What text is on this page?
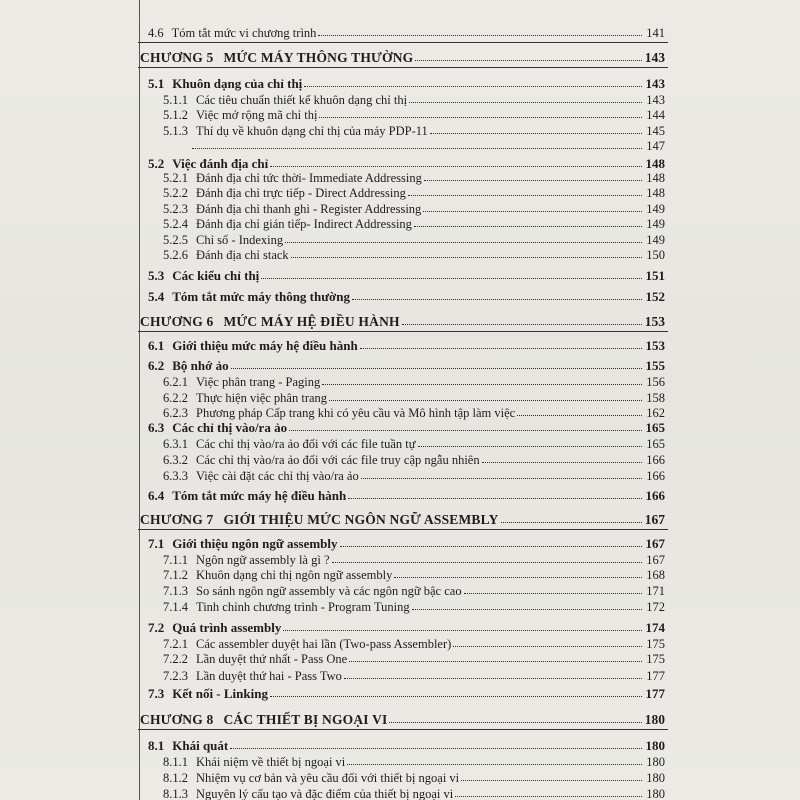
4.6 Tóm tắt mức vi chương trình	141
CHƯƠNG 5 MỨC MÁY THÔNG THƯỜNG	143
5.1 Khuôn dạng của chỉ thị	143
5.1.1 Các tiêu chuẩn thiết kế khuôn dạng chỉ thị	143
5.1.2 Việc mở rộng mã chỉ thị	144
5.1.3 Thí dụ về khuôn dạng chỉ thị của máy PDP-11	145
147
5.2 Việc đánh địa chỉ	148
5.2.1 Đánh địa chỉ tức thời- Immediate Addressing	148
5.2.2 Đánh địa chỉ trực tiếp - Direct Addressing	148
5.2.3 Đánh địa chỉ thanh ghi - Register Addressing	149
5.2.4 Đánh địa chỉ gián tiếp- Indirect Addressing	149
5.2.5 Chỉ số - Indexing	149
5.2.6 Đánh địa chỉ stack	150
5.3 Các kiểu chỉ thị	151
5.4 Tóm tắt mức máy thông thường	152
CHƯƠNG 6 MỨC MÁY HỆ ĐIỀU HÀNH	153
6.1 Giới thiệu mức máy hệ điều hành	153
6.2 Bộ nhớ ảo	155
6.2.1 Việc phân trang - Paging	156
6.2.2 Thực hiện việc phân trang	158
6.2.3 Phương pháp Cấp trang khi có yêu cầu và Mô hình tập làm việc	162
6.3 Các chỉ thị vào/ra ảo	165
6.3.1 Các chỉ thị vào/ra ảo đối với các file tuần tự	165
6.3.2 Các chỉ thị vào/ra ảo đối với các file truy cập ngẫu nhiên	166
6.3.3 Việc cài đặt các chỉ thị vào/ra ảo	166
6.4 Tóm tắt mức máy hệ điều hành	166
CHƯƠNG 7 GIỚI THIỆU MỨC NGÔN NGỮ ASSEMBLY	167
7.1 Giới thiệu ngôn ngữ assembly	167
7.1.1 Ngôn ngữ assembly là gì ?	167
7.1.2 Khuôn dạng chỉ thị ngôn ngữ assembly	168
7.1.3 So sánh ngôn ngữ assembly và các ngôn ngữ bậc cao	171
7.1.4 Tinh chỉnh chương trình - Program Tuning	172
7.2 Quá trình assembly	174
7.2.1 Các assembler duyệt hai lần (Two-pass Assembler)	175
7.2.2 Lần duyệt thứ nhất - Pass One	175
7.2.3 Lần duyệt thứ hai - Pass Two	177
7.3 Kết nối - Linking	177
CHƯƠNG 8 CÁC THIẾT BỊ NGOẠI VI	180
8.1 Khái quát	180
8.1.1 Khái niệm về thiết bị ngoại vi	180
8.1.2 Nhiệm vụ cơ bản và yêu cầu đối với thiết bị ngoại vi	180
8.1.3 Nguyên lý cấu tạo và đặc điểm của thiết bị ngoại vi	180
